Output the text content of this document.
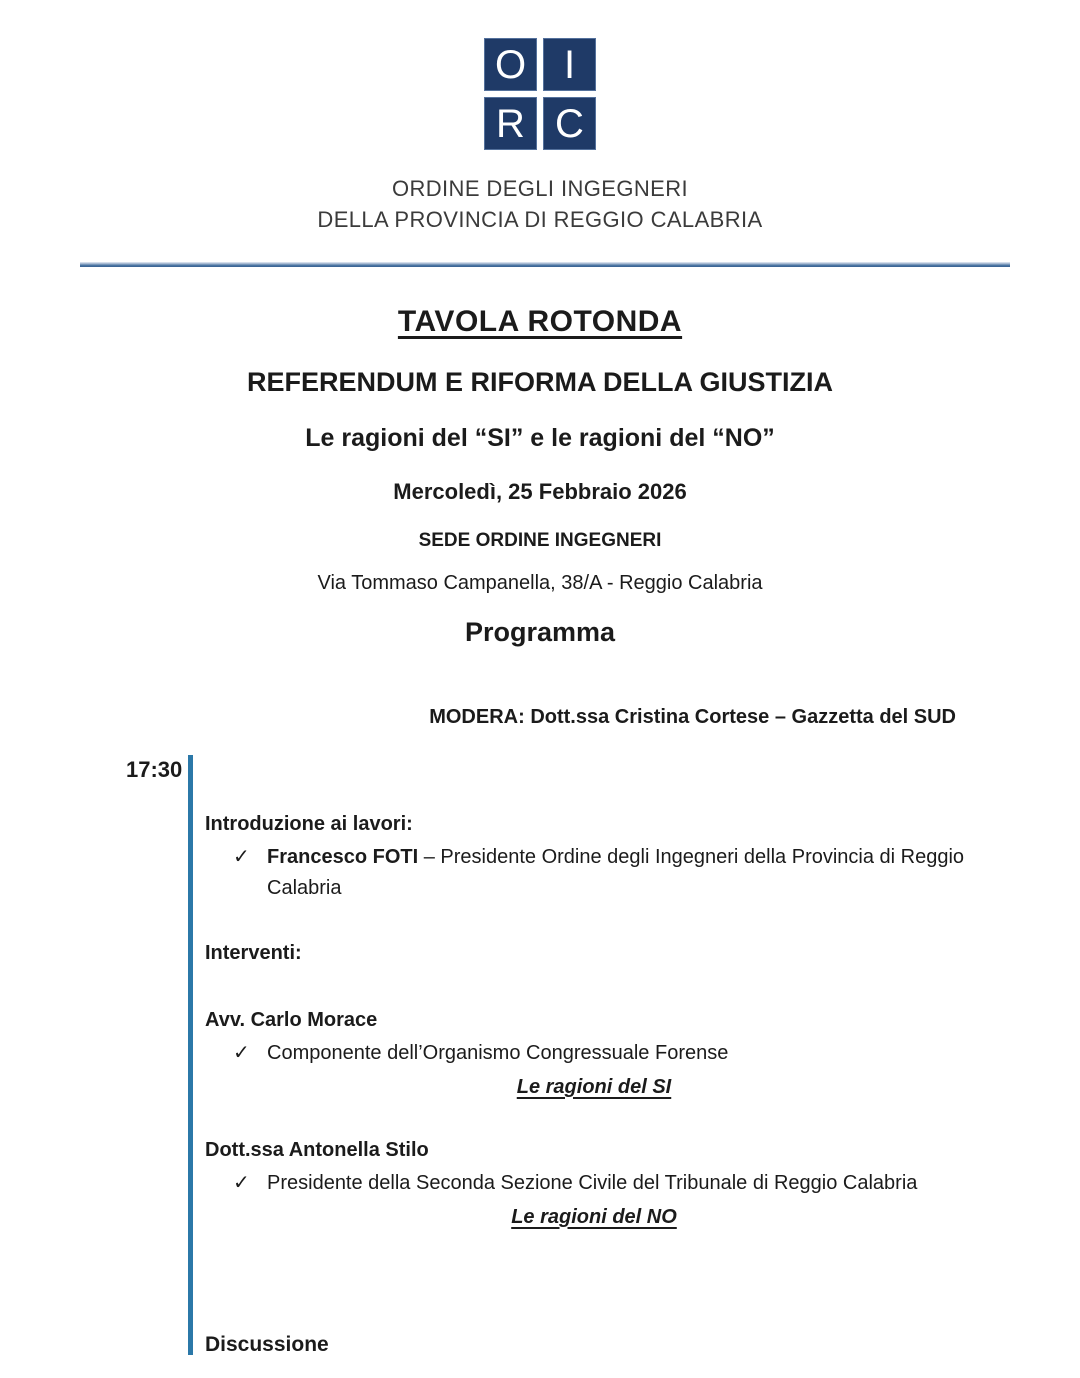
O I
R C
ORDINE DEGLI INGEGNERI
DELLA PROVINCIA DI REGGIO CALABRIA
TAVOLA ROTONDA
REFERENDUM E RIFORMA DELLA GIUSTIZIA
Le ragioni del “SI” e le ragioni del “NO”
Mercoledì, 25 Febbraio 2026
SEDE ORDINE INGEGNERI
Via Tommaso Campanella, 38/A - Reggio Calabria
Programma
MODERA: Dott.ssa Cristina Cortese – Gazzetta del SUD
17:30
Introduzione ai lavori:
✓ Francesco FOTI – Presidente Ordine degli Ingegneri della Provincia di Reggio Calabria
Interventi:
Avv. Carlo Morace
✓ Componente dell’Organismo Congressuale Forense
Le ragioni del SI
Dott.ssa Antonella Stilo
✓ Presidente della Seconda Sezione Civile del Tribunale di Reggio Calabria
Le ragioni del NO
Discussione
